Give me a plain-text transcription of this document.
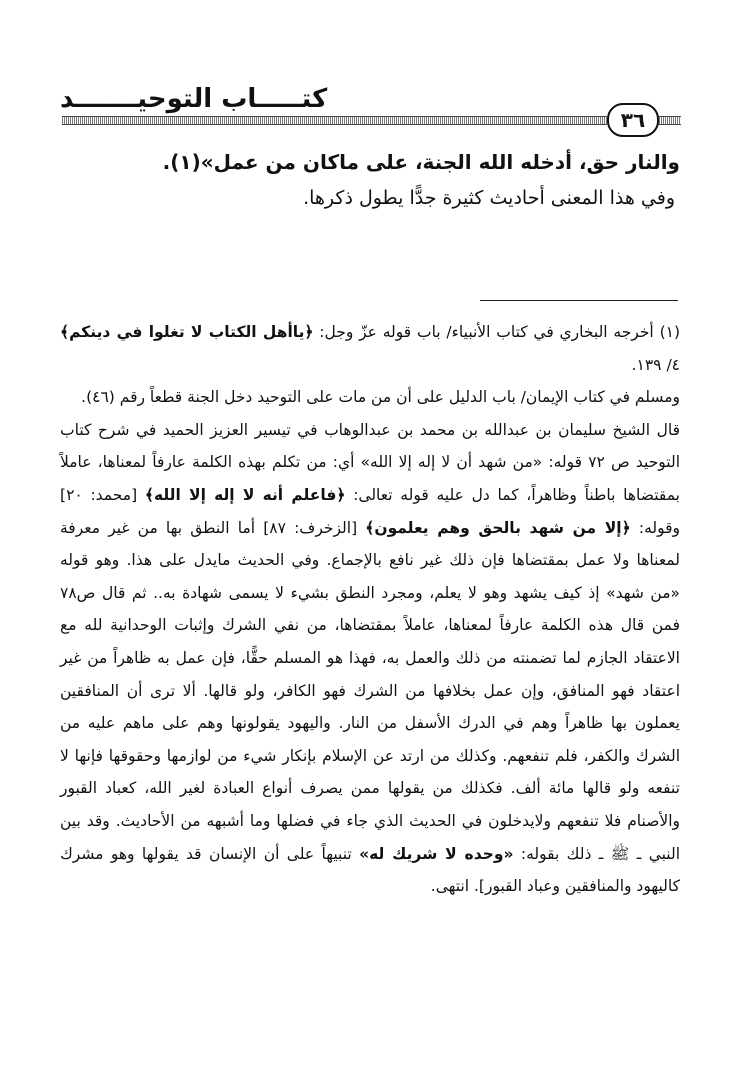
كتـــــاب التوحيـــــــد
٣٦

والنار حق، أدخله الله الجنة، على ماكان من عمل»(١).

وفي هذا المعنى أحاديث كثيرة جدًّا يطول ذكرها.

(١) أخرجه البخاري في كتاب الأنبياء/ باب قوله عزّ وجل: ﴿ياأهل الكتاب لا تغلوا في دينكم﴾ ٤/ ١٣٩.

ومسلم في كتاب الإيمان/ باب الدليل على أن من مات على التوحيد دخل الجنة قطعاً رقم (٤٦).

قال الشيخ سليمان بن عبدالله بن محمد بن عبدالوهاب في تيسير العزيز الحميد في شرح كتاب التوحيد ص ٧٢ قوله: «من شهد أن لا إله إلا الله» أي: من تكلم بهذه الكلمة عارفاً لمعناها، عاملاً بمقتضاها باطناً وظاهراً، كما دل عليه قوله تعالى: ﴿فاعلم أنه لا إله إلا الله﴾ [محمد: ٢٠] وقوله: ﴿إلا من شهد بالحق وهم يعلمون﴾ [الزخرف: ٨٧] أما النطق بها من غير معرفة لمعناها ولا عمل بمقتضاها فإن ذلك غير نافع بالإجماع. وفي الحديث مايدل على هذا. وهو قوله «من شهد» إذ كيف يشهد وهو لا يعلم، ومجرد النطق بشيء لا يسمى شهادة به.. ثم قال ص٧٨ فمن قال هذه الكلمة عارفاً لمعناها، عاملاً بمقتضاها، من نفي الشرك وإثبات الوحدانية لله مع الاعتقاد الجازم لما تضمنته من ذلك والعمل به، فهذا هو المسلم حقًّا، فإن عمل به ظاهراً من غير اعتقاد فهو المنافق، وإن عمل بخلافها من الشرك فهو الكافر، ولو قالها. ألا ترى أن المنافقين يعملون بها ظاهراً وهم في الدرك الأسفل من النار. واليهود يقولونها وهم على ماهم عليه من الشرك والكفر، فلم تنفعهم. وكذلك من ارتد عن الإسلام بإنكار شيء من لوازمها وحقوقها فإنها لا تنفعه ولو قالها مائة ألف. فكذلك من يقولها ممن يصرف أنواع العبادة لغير الله، كعباد القبور والأصنام فلا تنفعهم ولايدخلون في الحديث الذي جاء في فضلها وما أشبهه من الأحاديث. وقد بين النبي ـ ﷺ ـ ذلك بقوله: «وحده لا شريك له» تنبيهاً على أن الإنسان قد يقولها وهو مشرك كاليهود والمنافقين وعباد القبور]. انتهى.
